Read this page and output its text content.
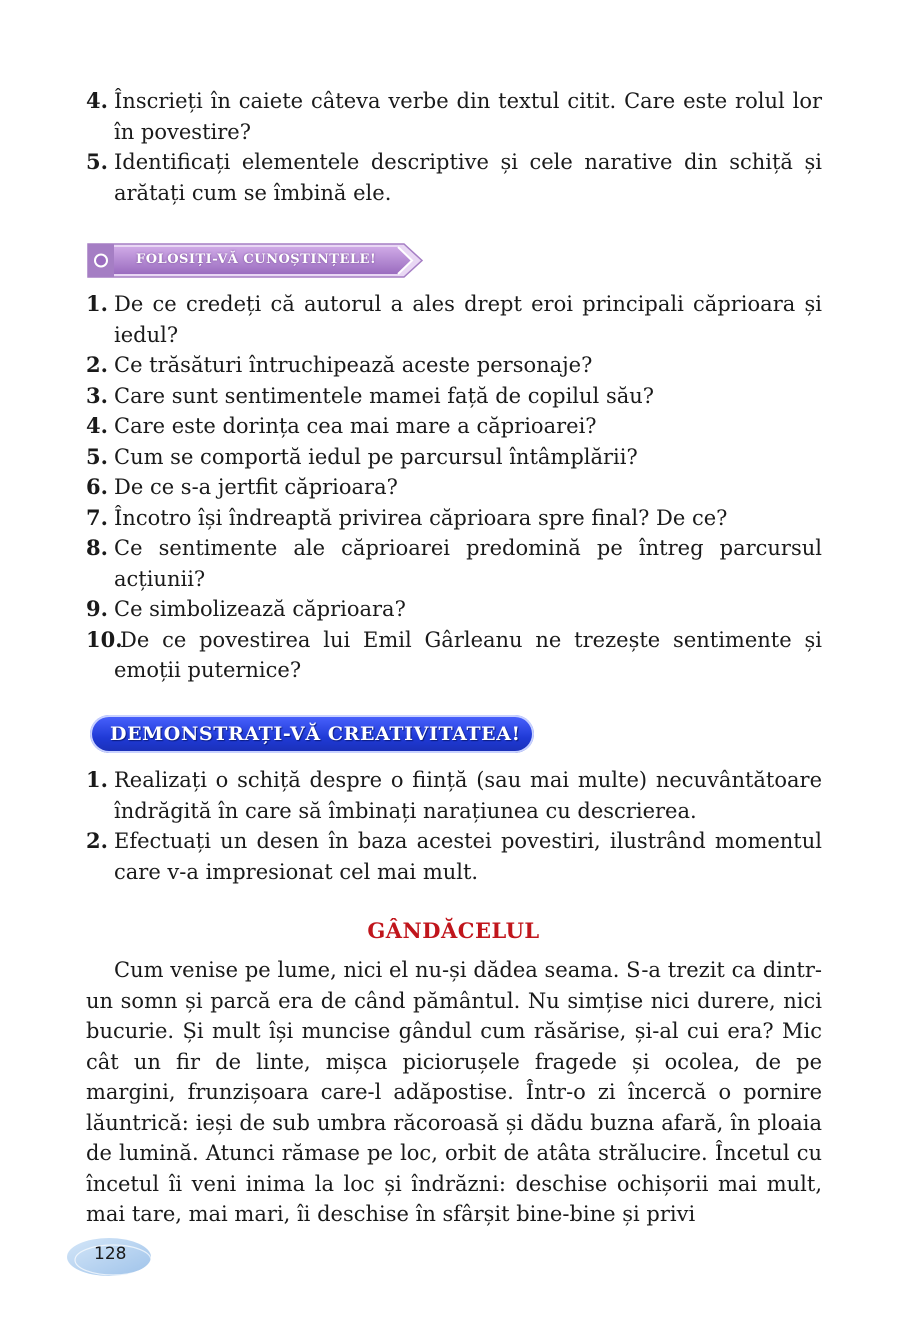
4. Înscrieți în caiete câteva verbe din textul citit. Care este rolul lor în povestire?
5. Identificați elementele descriptive și cele narative din schiță și arătați cum se îmbină ele.
FOLOSIȚI-VĂ CUNOȘTINȚELE!
1. De ce credeți că autorul a ales drept eroi principali căprioara și iedul?
2. Ce trăsături întruchipează aceste personaje?
3. Care sunt sentimentele mamei față de copilul său?
4. Care este dorința cea mai mare a căprioarei?
5. Cum se comportă iedul pe parcursul întâmplării?
6. De ce s-a jertfit căprioara?
7. Încotro își îndreaptă privirea căprioara spre final? De ce?
8. Ce sentimente ale căprioarei predomină pe întreg parcursul acțiunii?
9. Ce simbolizează căprioara?
10.
De ce povestirea lui Emil Gârleanu ne trezește sentimente și emoții puternice?
DEMONSTRAȚI-VĂ CREATIVITATEA!
1. Realizați o schiță despre o ființă (sau mai multe) necuvântătoare îndrăgită în care să îmbinați narațiunea cu descrierea.
2. Efectuați un desen în baza acestei povestiri, ilustrând momentul care v-a impresionat cel mai mult.
GÂNDĂCELUL

Cum venise pe lume, nici el nu-și dădea seama. S-a trezit ca dintr-un somn și parcă era de când pământul. Nu simțise nici durere, nici bucurie. Și mult își muncise gândul cum răsărise, și-al cui era? Mic cât un fir de linte, mișca piciorușele fragede și ocolea, de pe margini, frunzișoara care-l adăpostise. Într-o zi încercă o pornire lăuntrică: ieși de sub umbra răcoroasă și dădu buzna afară, în ploaia de lumină. Atunci rămase pe loc, orbit de atâta strălucire. Încetul cu încetul îi veni inima la loc și îndrăzni: deschise ochișorii mai mult, mai tare, mai mari, îi deschise în sfârșit bine-bine și privi

128
